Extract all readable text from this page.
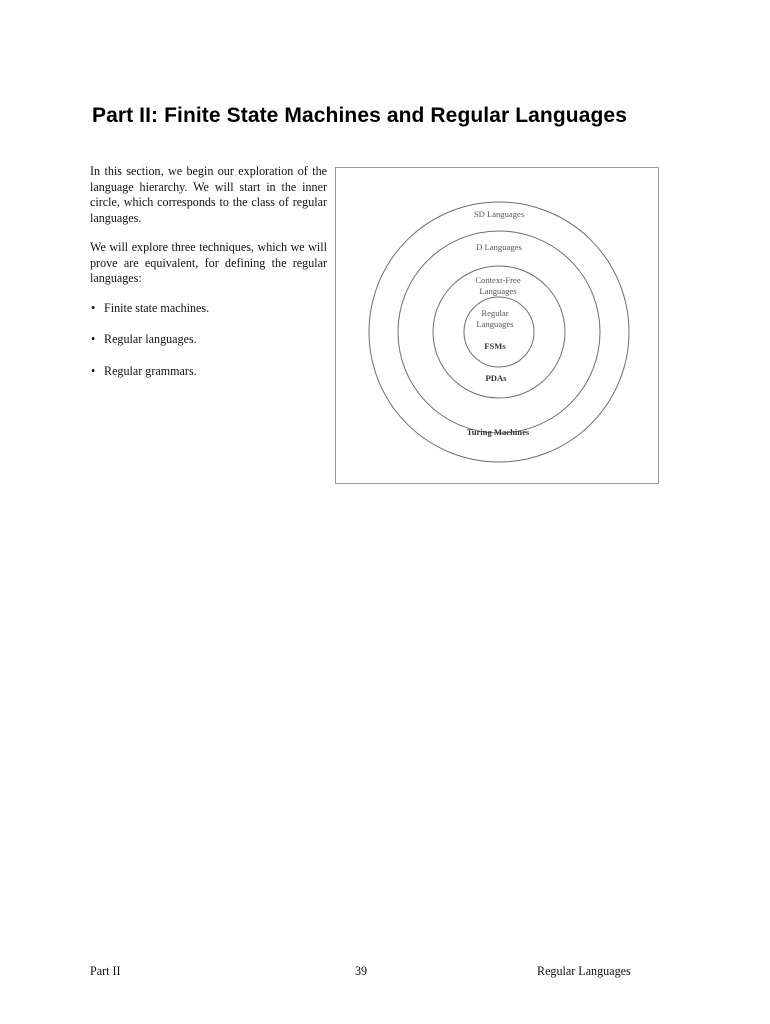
Part II: Finite State Machines and Regular Languages

In this section, we begin our exploration of the language hierarchy. We will start in the inner circle, which corresponds to the class of regular languages.

We will explore three techniques, which we will prove are equivalent, for defining the regular languages:

• Finite state machines.
• Regular languages.
• Regular grammars.
SD Languages
D Languages
Context-Free
Languages
Regular
Languages
FSMs
PDAs
Turing Machines
Part II	39	Regular Languages
